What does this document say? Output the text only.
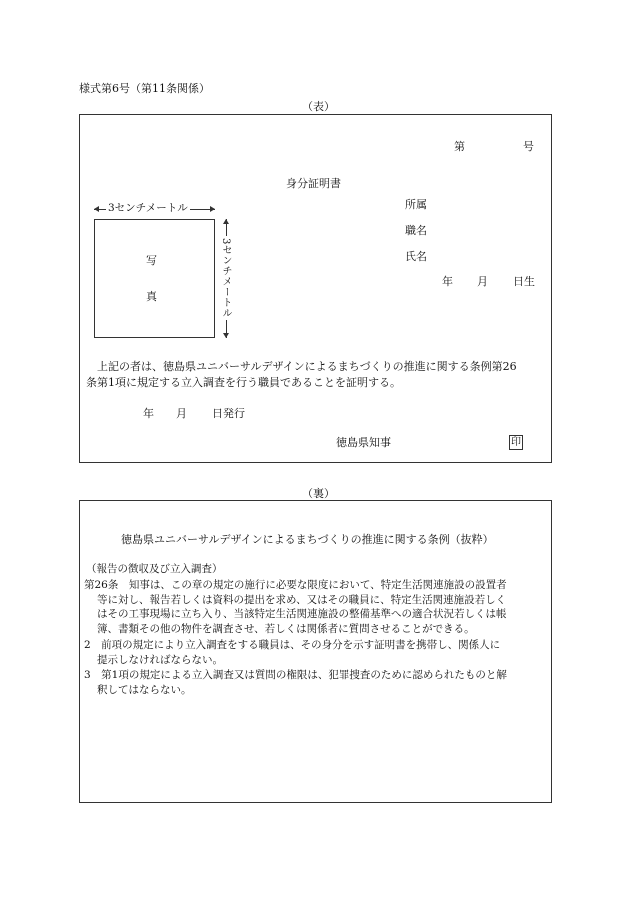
様式第6号（第11条関係）
（表）
第	号
身分証明書
3センチメートル
写
真	3センチメートル
所属
職名
氏名
年 月 日生
上記の者は、徳島県ユニバーサルデザインによるまちづくりの推進に関する条例第26
条第1項に規定する立入調査を行う職員であることを証明する。
年 月 日発行
徳島県知事	印
（裏）
徳島県ユニバーサルデザインによるまちづくりの推進に関する条例（抜粋）
（報告の徴収及び立入調査）
第26条　知事は、この章の規定の施行に必要な限度において、特定生活関連施設の設置者
等に対し、報告若しくは資料の提出を求め、又はその職員に、特定生活関連施設若しく
はその工事現場に立ち入り、当該特定生活関連施設の整備基準への適合状況若しくは帳
簿、書類その他の物件を調査させ、若しくは関係者に質問させることができる。
2　前項の規定により立入調査をする職員は、その身分を示す証明書を携帯し、関係人に
提示しなければならない。
3　第1項の規定による立入調査又は質問の権限は、犯罪捜査のために認められたものと解
釈してはならない。
